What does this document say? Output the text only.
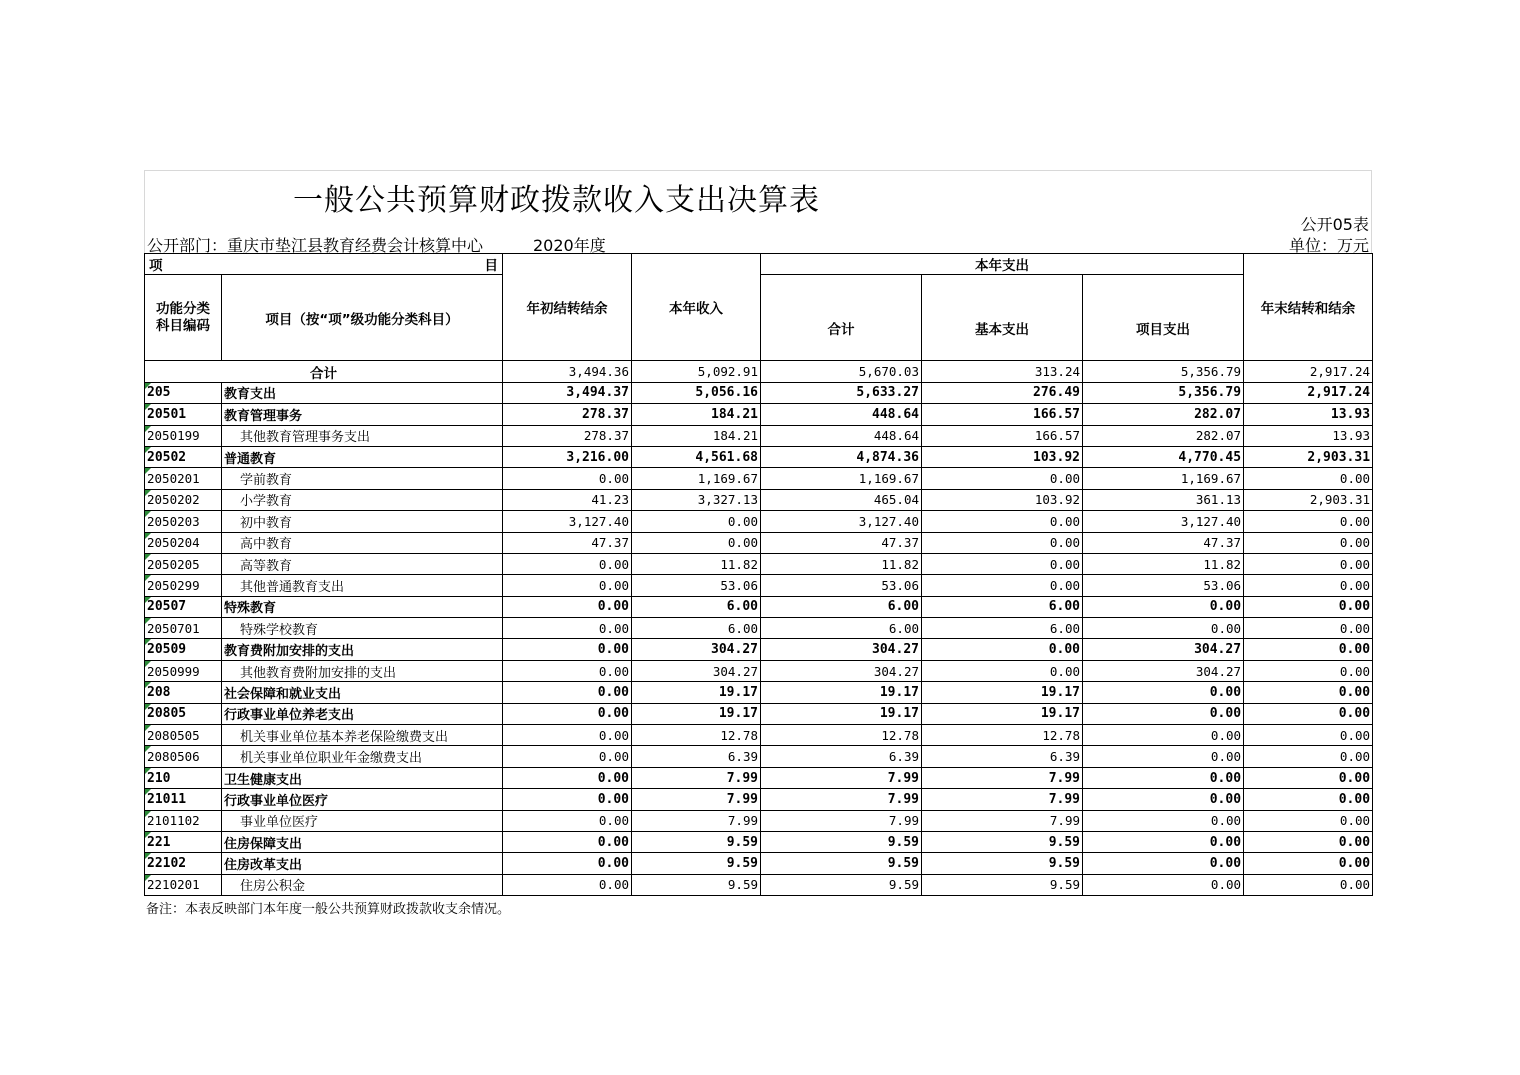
一般公共预算财政拨款收入支出决算表
公开部门：重庆市垫江县教育经费会计核算中心	2020年度
公开05表
单位：万元
项 目		年初结转结余	本年收入	本年支出			年末结转和结余
功能分类科目编码	项目（按“项”级功能分类科目）			合计	基本支出	项目支出	
合计		3,494.36	5,092.91	5,670.03	313.24	5,356.79	2,917.24
205	教育支出	3,494.37	5,056.16	5,633.27	276.49	5,356.79	2,917.24
20501	教育管理事务	278.37	184.21	448.64	166.57	282.07	13.93
2050199	其他教育管理事务支出	278.37	184.21	448.64	166.57	282.07	13.93
20502	普通教育	3,216.00	4,561.68	4,874.36	103.92	4,770.45	2,903.31
2050201	学前教育	0.00	1,169.67	1,169.67	0.00	1,169.67	0.00
2050202	小学教育	41.23	3,327.13	465.04	103.92	361.13	2,903.31
2050203	初中教育	3,127.40	0.00	3,127.40	0.00	3,127.40	0.00
2050204	高中教育	47.37	0.00	47.37	0.00	47.37	0.00
2050205	高等教育	0.00	11.82	11.82	0.00	11.82	0.00
2050299	其他普通教育支出	0.00	53.06	53.06	0.00	53.06	0.00
20507	特殊教育	0.00	6.00	6.00	6.00	0.00	0.00
2050701	特殊学校教育	0.00	6.00	6.00	6.00	0.00	0.00
20509	教育费附加安排的支出	0.00	304.27	304.27	0.00	304.27	0.00
2050999	其他教育费附加安排的支出	0.00	304.27	304.27	0.00	304.27	0.00
208	社会保障和就业支出	0.00	19.17	19.17	19.17	0.00	0.00
20805	行政事业单位养老支出	0.00	19.17	19.17	19.17	0.00	0.00
2080505	机关事业单位基本养老保险缴费支出	0.00	12.78	12.78	12.78	0.00	0.00
2080506	机关事业单位职业年金缴费支出	0.00	6.39	6.39	6.39	0.00	0.00
210	卫生健康支出	0.00	7.99	7.99	7.99	0.00	0.00
21011	行政事业单位医疗	0.00	7.99	7.99	7.99	0.00	0.00
2101102	事业单位医疗	0.00	7.99	7.99	7.99	0.00	0.00
221	住房保障支出	0.00	9.59	9.59	9.59	0.00	0.00
22102	住房改革支出	0.00	9.59	9.59	9.59	0.00	0.00
2210201	住房公积金	0.00	9.59	9.59	9.59	0.00	0.00
备注：本表反映部门本年度一般公共预算财政拨款收支余情况。
